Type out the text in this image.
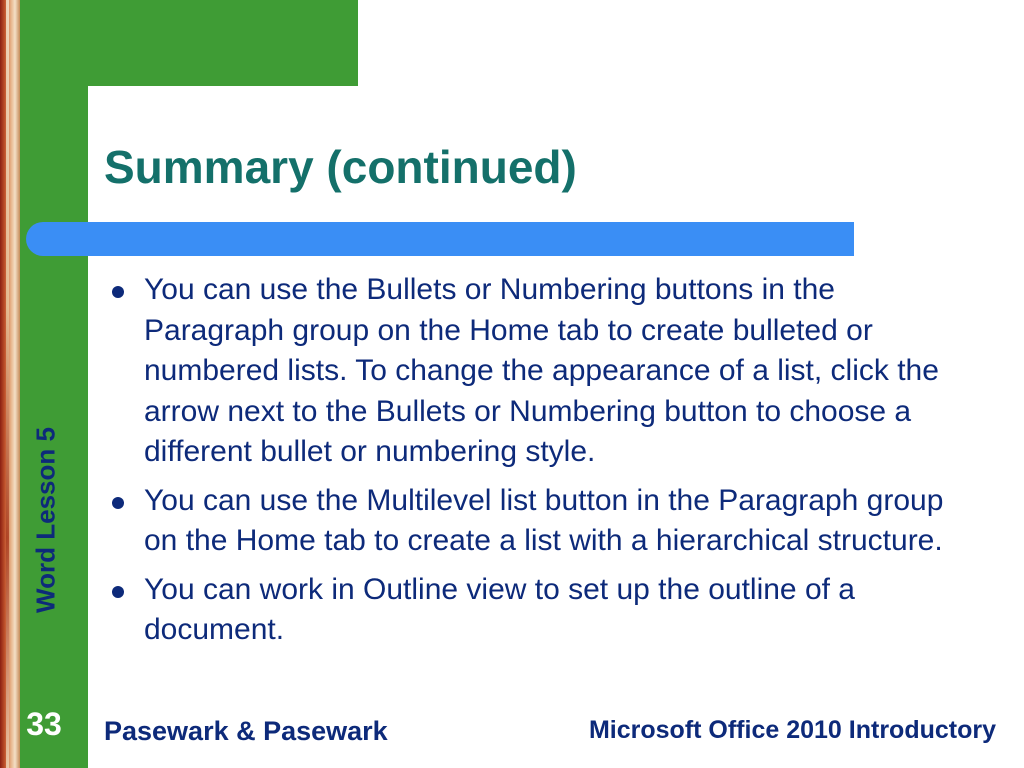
Summary (continued)
You can use the Bullets or Numbering buttons in the Paragraph group on the Home tab to create bulleted or numbered lists. To change the appearance of a list, click the arrow next to the Bullets or Numbering button to choose a different bullet or numbering style.
You can use the Multilevel list button in the Paragraph group on the Home tab to create a list with a hierarchical structure.
You can work in Outline view to set up the outline of a document.
Word Lesson 5
33 Pasewark & Pasewark	Microsoft Office 2010 Introductory
